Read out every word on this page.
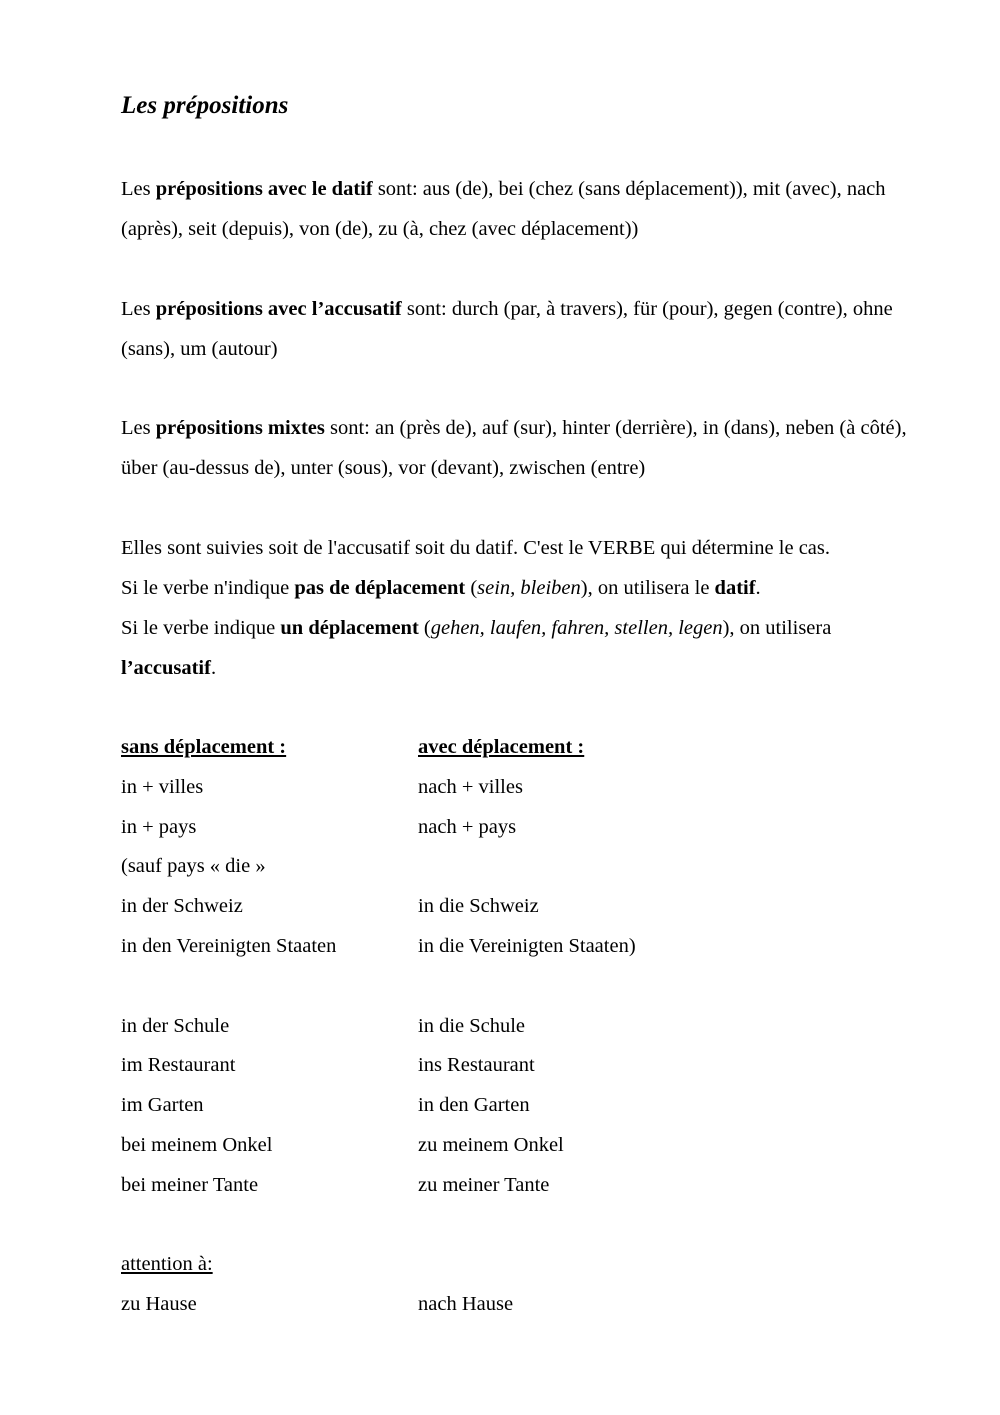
Les prépositions

Les prépositions avec le datif sont: aus (de), bei (chez (sans déplacement)), mit (avec), nach (après), seit (depuis), von (de), zu (à, chez (avec déplacement))

Les prépositions avec l’accusatif sont: durch (par, à travers), für (pour), gegen (contre), ohne (sans), um (autour)

Les prépositions mixtes sont: an (près de), auf (sur), hinter (derrière), in (dans), neben (à côté), über (au-dessus de), unter (sous), vor (devant), zwischen (entre)

Elles sont suivies soit de l'accusatif soit du datif. C'est le VERBE qui détermine le cas.
Si le verbe n'indique pas de déplacement (sein, bleiben), on utilisera le datif.
Si le verbe indique un déplacement (gehen, laufen, fahren, stellen, legen), on utilisera
l’accusatif.

sans déplacement :	avec déplacement :
in + villes	nach + villes
in + pays	nach + pays
(sauf pays « die »
in der Schweiz	in die Schweiz
in den Vereinigten Staaten	in die Vereinigten Staaten)
in der Schule	in die Schule
im Restaurant	ins Restaurant
im Garten	in den Garten
bei meinem Onkel	zu meinem Onkel
bei meiner Tante	zu meiner Tante
attention à:
zu Hause	nach Hause
